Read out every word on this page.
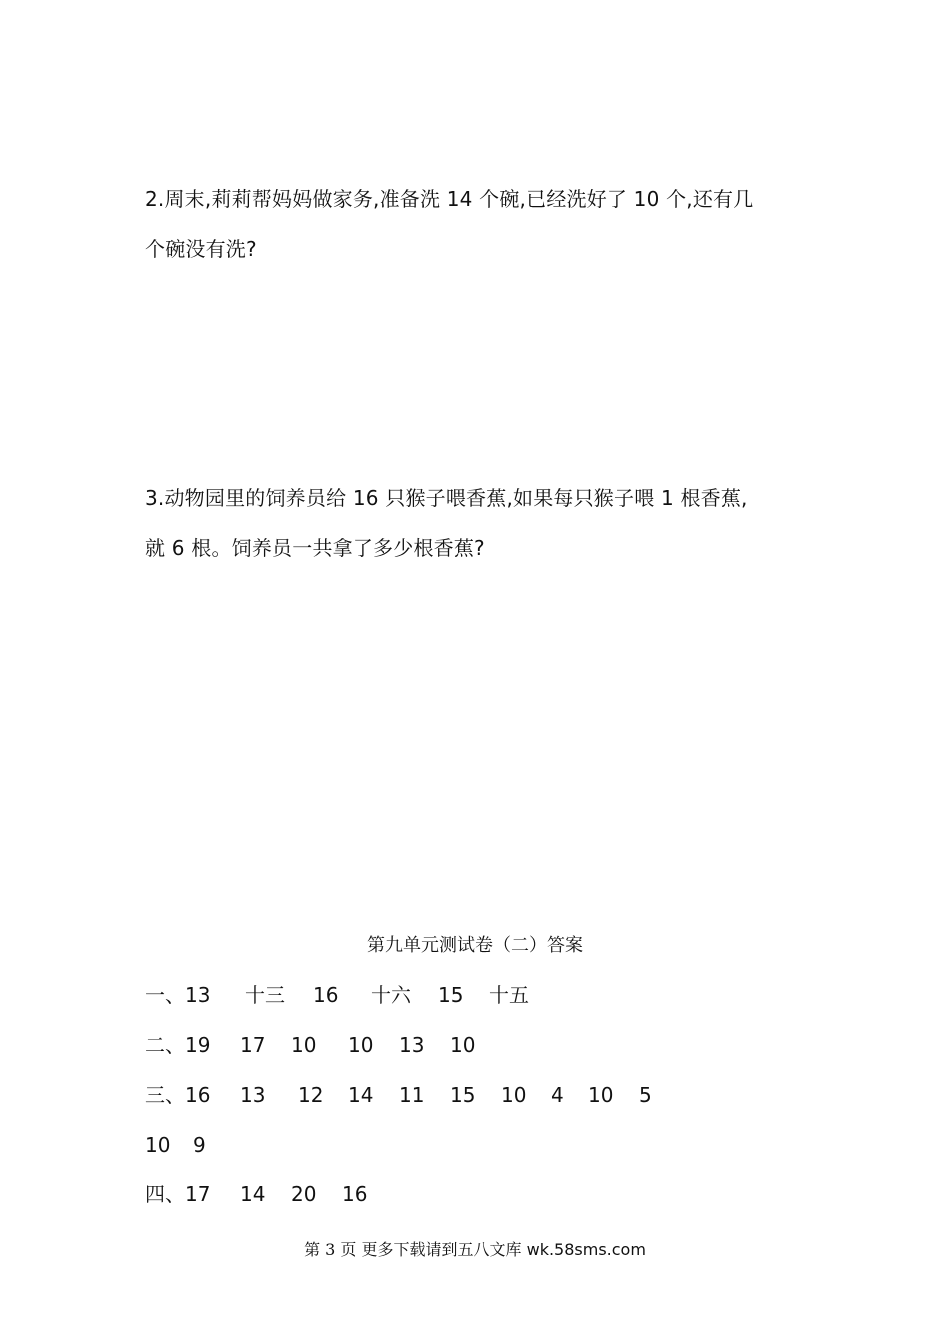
2.周末,莉莉帮妈妈做家务,准备洗 14 个碗,已经洗好了 10 个,还有几
个碗没有洗?
3.动物园里的饲养员给 16 只猴子喂香蕉,如果每只猴子喂 1 根香蕉,
就 6 根。饲养员一共拿了多少根香蕉?
第九单元测试卷（二）答案
一、13 十三 16 十六 15 十五
二、19 17 10 10 13 10
三、16 13 12 14 11 15 10 4 10 5
10 9
四、17 14 20 16
第 3 页 更多下载请到五八文库 wk.58sms.com
